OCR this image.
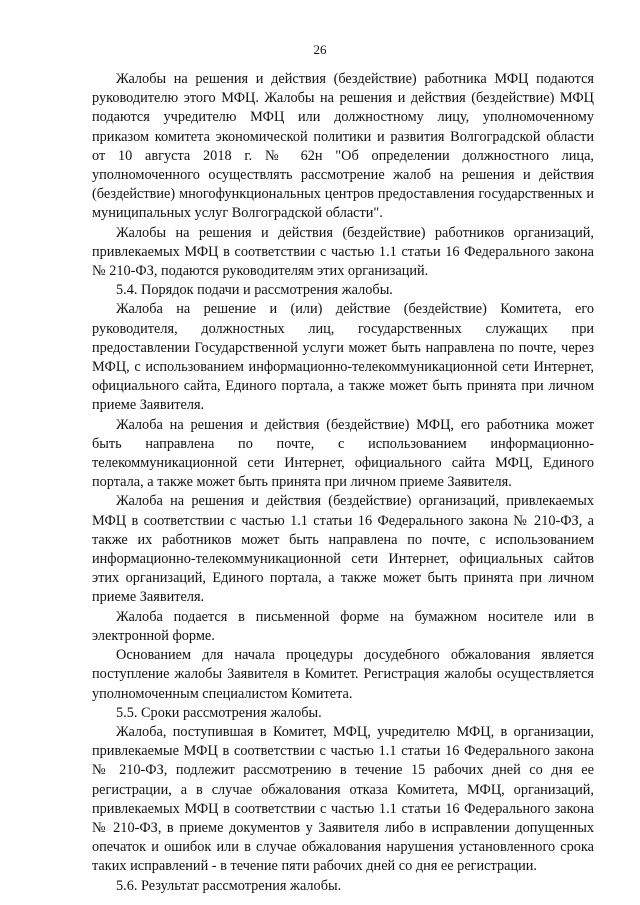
26

Жалобы на решения и действия (бездействие) работника МФЦ подаются руководителю этого МФЦ. Жалобы на решения и действия (бездействие) МФЦ подаются учредителю МФЦ или должностному лицу, уполномоченному приказом комитета экономической политики и развития Волгоградской области от 10 августа 2018 г. № 62н "Об определении должностного лица, уполномоченного осуществлять рассмотрение жалоб на решения и действия (бездействие) многофункциональных центров предоставления государственных и муниципальных услуг Волгоградской области".

Жалобы на решения и действия (бездействие) работников организаций, привлекаемых МФЦ в соответствии с частью 1.1 статьи 16 Федерального закона № 210-ФЗ, подаются руководителям этих организаций.

5.4. Порядок подачи и рассмотрения жалобы.

Жалоба на решение и (или) действие (бездействие) Комитета, его руководителя, должностных лиц, государственных служащих при предоставлении Государственной услуги может быть направлена по почте, через МФЦ, с использованием информационно-телекоммуникационной сети Интернет, официального сайта, Единого портала, а также может быть принята при личном приеме Заявителя.

Жалоба на решения и действия (бездействие) МФЦ, его работника может быть направлена по почте, с использованием информационно-телекоммуникационной сети Интернет, официального сайта МФЦ, Единого портала, а также может быть принята при личном приеме Заявителя.

Жалоба на решения и действия (бездействие) организаций, привлекаемых МФЦ в соответствии с частью 1.1 статьи 16 Федерального закона № 210-ФЗ, а также их работников может быть направлена по почте, с использованием информационно-телекоммуникационной сети Интернет, официальных сайтов этих организаций, Единого портала, а также может быть принята при личном приеме Заявителя.

Жалоба подается в письменной форме на бумажном носителе или в электронной форме.

Основанием для начала процедуры досудебного обжалования является поступление жалобы Заявителя в Комитет. Регистрация жалобы осуществляется уполномоченным специалистом Комитета.

5.5. Сроки рассмотрения жалобы.

Жалоба, поступившая в Комитет, МФЦ, учредителю МФЦ, в организации, привлекаемые МФЦ в соответствии с частью 1.1 статьи 16 Федерального закона № 210-ФЗ, подлежит рассмотрению в течение 15 рабочих дней со дня ее регистрации, а в случае обжалования отказа Комитета, МФЦ, организаций, привлекаемых МФЦ в соответствии с частью 1.1 статьи 16 Федерального закона № 210-ФЗ, в приеме документов у Заявителя либо в исправлении допущенных опечаток и ошибок или в случае обжалования нарушения установленного срока таких исправлений - в течение пяти рабочих дней со дня ее регистрации.

5.6. Результат рассмотрения жалобы.
